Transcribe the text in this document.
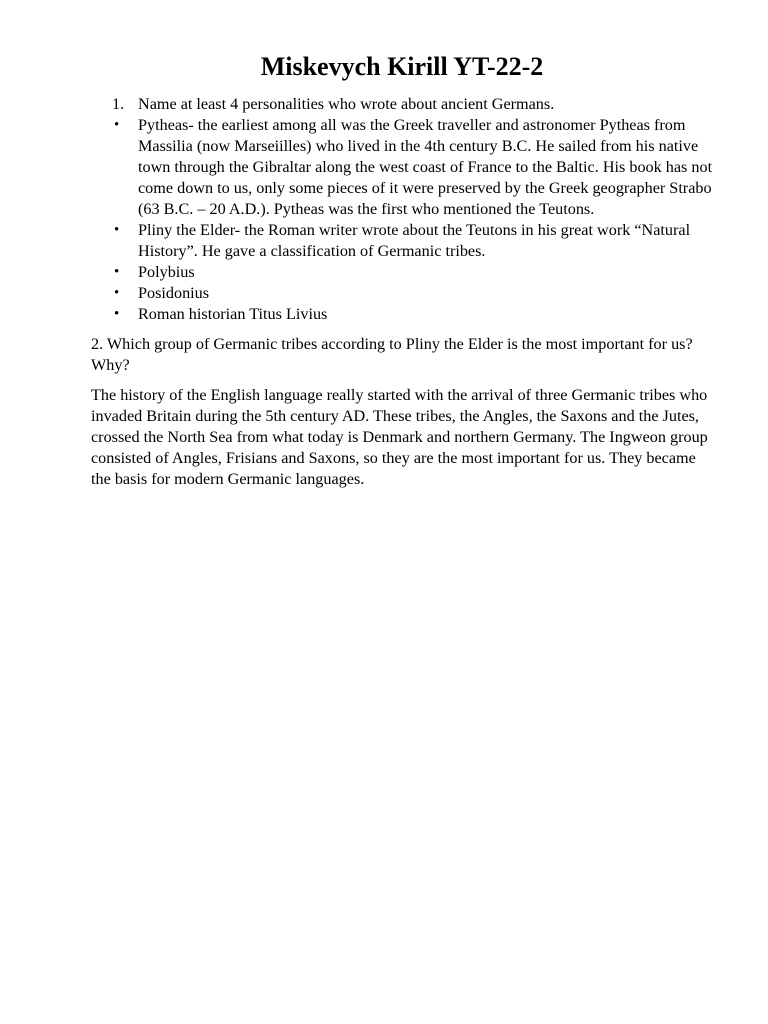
Miskevych Kirill YT-22-2
1. Name at least 4 personalities who wrote about ancient Germans.
•	Pytheas- the earliest among all was the Greek traveller and astronomer Pytheas from Massilia (now Marseiilles) who lived in the 4th century B.C. He sailed from his native town through the Gibraltar along the west coast of France to the Baltic. His book has not come down to us, only some pieces of it were preserved by the Greek geographer Strabo (63 B.C. – 20 A.D.). Pytheas was the first who mentioned the Teutons.
•	Pliny the Elder- the Roman writer wrote about the Teutons in his great work “Natural History”. He gave a classification of Germanic tribes.
•	Polybius
•	Posidonius
•	Roman historian Titus Livius

2. Which group of Germanic tribes according to Pliny the Elder is the most important for us? Why?

The history of the English language really started with the arrival of three Germanic tribes who invaded Britain during the 5th century AD. These tribes, the Angles, the Saxons and the Jutes, crossed the North Sea from what today is Denmark and northern Germany. The Ingweon group consisted of Angles, Frisians and Saxons, so they are the most important for us. They became the basis for modern Germanic languages.
